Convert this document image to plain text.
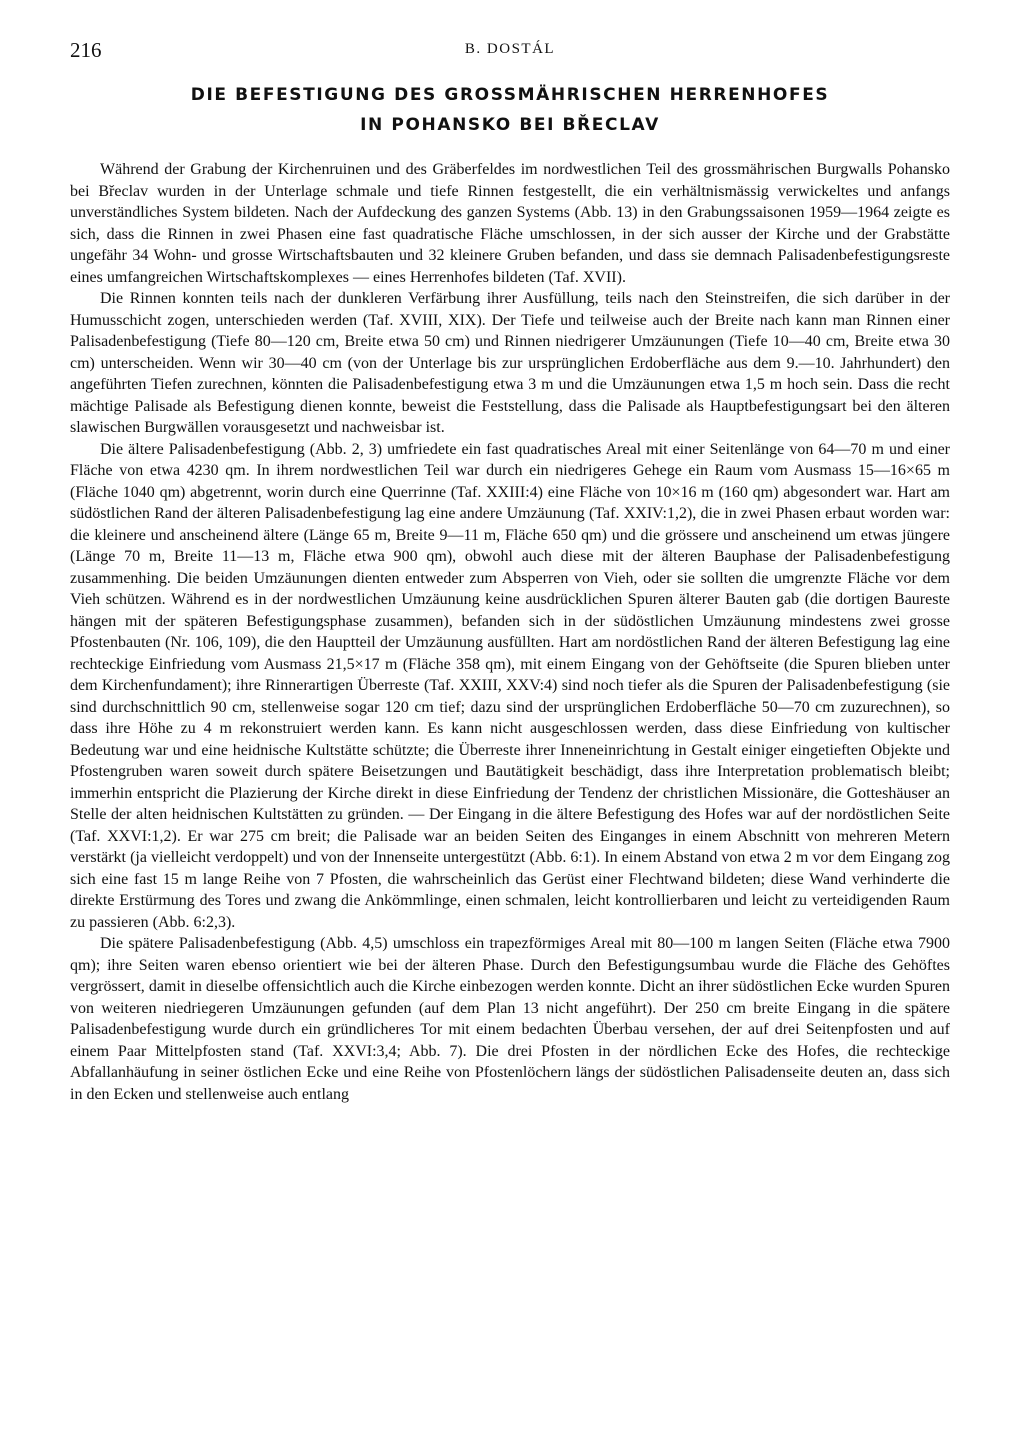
216	B. DOSTÁL
DIE BEFESTIGUNG DES GROSSMÄHRISCHEN HERRENHOFES
IN POHANSKO BEI BŘECLAV

Während der Grabung der Kirchenruinen und des Gräberfeldes im nordwestlichen Teil des grossmährischen Burgwalls Pohansko bei Břeclav wurden in der Unterlage schmale und tiefe Rinnen festgestellt, die ein verhältnismässig verwickeltes und anfangs unverständliches System bildeten. Nach der Aufdeckung des ganzen Systems (Abb. 13) in den Grabungssaisonen 1959—1964 zeigte es sich, dass die Rinnen in zwei Phasen eine fast quadratische Fläche umschlossen, in der sich ausser der Kirche und der Grabstätte ungefähr 34 Wohn- und grosse Wirtschaftsbauten und 32 kleinere Gruben befanden, und dass sie demnach Palisadenbefestigungsreste eines umfangreichen Wirtschaftskomplexes — eines Herrenhofes bildeten (Taf. XVII).

Die Rinnen konnten teils nach der dunkleren Verfärbung ihrer Ausfüllung, teils nach den Steinstreifen, die sich darüber in der Humusschicht zogen, unterschieden werden (Taf. XVIII, XIX). Der Tiefe und teilweise auch der Breite nach kann man Rinnen einer Palisadenbefestigung (Tiefe 80—120 cm, Breite etwa 50 cm) und Rinnen niedrigerer Umzäunungen (Tiefe 10—40 cm, Breite etwa 30 cm) unterscheiden. Wenn wir 30—40 cm (von der Unterlage bis zur ursprünglichen Erdoberfläche aus dem 9.—10. Jahrhundert) den angeführten Tiefen zurechnen, könnten die Palisadenbefestigung etwa 3 m und die Umzäunungen etwa 1,5 m hoch sein. Dass die recht mächtige Palisade als Befestigung dienen konnte, beweist die Feststellung, dass die Palisade als Hauptbefestigungsart bei den älteren slawischen Burgwällen vorausgesetzt und nachweisbar ist.

Die ältere Palisadenbefestigung (Abb. 2, 3) umfriedete ein fast quadratisches Areal mit einer Seitenlänge von 64—70 m und einer Fläche von etwa 4230 qm. In ihrem nordwestlichen Teil war durch ein niedrigeres Gehege ein Raum vom Ausmass 15—16×65 m (Fläche 1040 qm) abgetrennt, worin durch eine Querrinne (Taf. XXIII:4) eine Fläche von 10×16 m (160 qm) abgesondert war. Hart am südöstlichen Rand der älteren Palisadenbefestigung lag eine andere Umzäunung (Taf. XXIV:1,2), die in zwei Phasen erbaut worden war: die kleinere und anscheinend ältere (Länge 65 m, Breite 9—11 m, Fläche 650 qm) und die grössere und anscheinend um etwas jüngere (Länge 70 m, Breite 11—13 m, Fläche etwa 900 qm), obwohl auch diese mit der älteren Bauphase der Palisadenbefestigung zusammenhing. Die beiden Umzäunungen dienten entweder zum Absperren von Vieh, oder sie sollten die umgrenzte Fläche vor dem Vieh schützen. Während es in der nordwestlichen Umzäunung keine ausdrücklichen Spuren älterer Bauten gab (die dortigen Baureste hängen mit der späteren Befestigungsphase zusammen), befanden sich in der südöstlichen Umzäunung mindestens zwei grosse Pfostenbauten (Nr. 106, 109), die den Hauptteil der Umzäunung ausfüllten. Hart am nordöstlichen Rand der älteren Befestigung lag eine rechteckige Einfriedung vom Ausmass 21,5×17 m (Fläche 358 qm), mit einem Eingang von der Gehöftseite (die Spuren blieben unter dem Kirchenfundament); ihre Rinnerartigen Überreste (Taf. XXIII, XXV:4) sind noch tiefer als die Spuren der Palisadenbefestigung (sie sind durchschnittlich 90 cm, stellenweise sogar 120 cm tief; dazu sind der ursprünglichen Erdoberfläche 50—70 cm zuzurechnen), so dass ihre Höhe zu 4 m rekonstruiert werden kann. Es kann nicht ausgeschlossen werden, dass diese Einfriedung von kultischer Bedeutung war und eine heidnische Kultstätte schützte; die Überreste ihrer Inneneinrichtung in Gestalt einiger eingetieften Objekte und Pfostengruben waren soweit durch spätere Beisetzungen und Bautätigkeit beschädigt, dass ihre Interpretation problematisch bleibt; immerhin entspricht die Plazierung der Kirche direkt in diese Einfriedung der Tendenz der christlichen Missionäre, die Gotteshäuser an Stelle der alten heidnischen Kultstätten zu gründen. — Der Eingang in die ältere Befestigung des Hofes war auf der nordöstlichen Seite (Taf. XXVI:1,2). Er war 275 cm breit; die Palisade war an beiden Seiten des Einganges in einem Abschnitt von mehreren Metern verstärkt (ja vielleicht verdoppelt) und von der Innenseite untergestützt (Abb. 6:1). In einem Abstand von etwa 2 m vor dem Eingang zog sich eine fast 15 m lange Reihe von 7 Pfosten, die wahrscheinlich das Gerüst einer Flechtwand bildeten; diese Wand verhinderte die direkte Erstürmung des Tores und zwang die Ankömmlinge, einen schmalen, leicht kontrollierbaren und leicht zu verteidigenden Raum zu passieren (Abb. 6:2,3).

Die spätere Palisadenbefestigung (Abb. 4,5) umschloss ein trapezförmiges Areal mit 80—100 m langen Seiten (Fläche etwa 7900 qm); ihre Seiten waren ebenso orientiert wie bei der älteren Phase. Durch den Befestigungsumbau wurde die Fläche des Gehöftes vergrössert, damit in dieselbe offensichtlich auch die Kirche einbezogen werden konnte. Dicht an ihrer südöstlichen Ecke wurden Spuren von weiteren niedriegeren Umzäunungen gefunden (auf dem Plan 13 nicht angeführt). Der 250 cm breite Eingang in die spätere Palisadenbefestigung wurde durch ein gründlicheres Tor mit einem bedachten Überbau versehen, der auf drei Seitenpfosten und auf einem Paar Mittelpfosten stand (Taf. XXVI:3,4; Abb. 7). Die drei Pfosten in der nördlichen Ecke des Hofes, die rechteckige Abfallanhäufung in seiner östlichen Ecke und eine Reihe von Pfostenlöchern längs der südöstlichen Palisadenseite deuten an, dass sich in den Ecken und stellenweise auch entlang
